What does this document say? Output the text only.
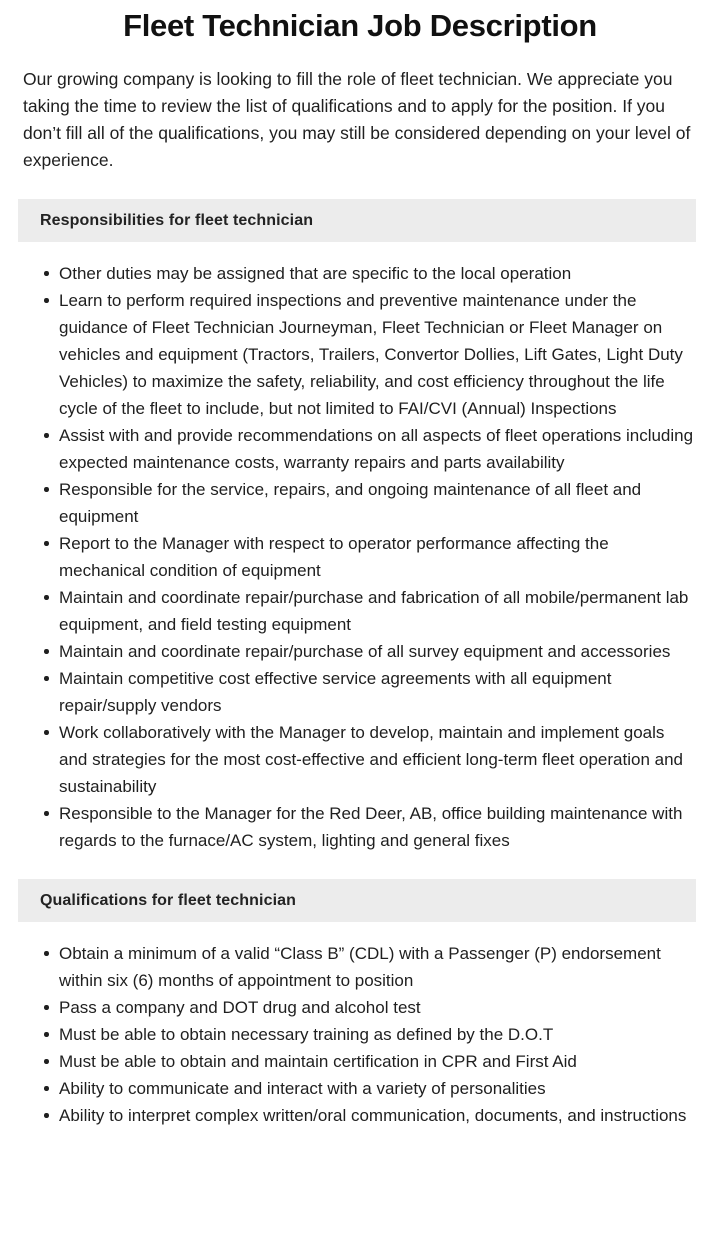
Fleet Technician Job Description

Our growing company is looking to fill the role of fleet technician. We appreciate you taking the time to review the list of qualifications and to apply for the position. If you don’t fill all of the qualifications, you may still be considered depending on your level of experience.

Responsibilities for fleet technician
Other duties may be assigned that are specific to the local operation
Learn to perform required inspections and preventive maintenance under the guidance of Fleet Technician Journeyman, Fleet Technician or Fleet Manager on vehicles and equipment (Tractors, Trailers, Convertor Dollies, Lift Gates, Light Duty Vehicles) to maximize the safety, reliability, and cost efficiency throughout the life cycle of the fleet to include, but not limited to FAI/CVI (Annual) Inspections
Assist with and provide recommendations on all aspects of fleet operations including expected maintenance costs, warranty repairs and parts availability
Responsible for the service, repairs, and ongoing maintenance of all fleet and equipment
Report to the Manager with respect to operator performance affecting the mechanical condition of equipment
Maintain and coordinate repair/purchase and fabrication of all mobile/permanent lab equipment, and field testing equipment
Maintain and coordinate repair/purchase of all survey equipment and accessories
Maintain competitive cost effective service agreements with all equipment repair/supply vendors
Work collaboratively with the Manager to develop, maintain and implement goals and strategies for the most cost-effective and efficient long-term fleet operation and sustainability
Responsible to the Manager for the Red Deer, AB, office building maintenance with regards to the furnace/AC system, lighting and general fixes
Qualifications for fleet technician
Obtain a minimum of a valid “Class B” (CDL) with a Passenger (P) endorsement within six (6) months of appointment to position
Pass a company and DOT drug and alcohol test
Must be able to obtain necessary training as defined by the D.O.T
Must be able to obtain and maintain certification in CPR and First Aid
Ability to communicate and interact with a variety of personalities
Ability to interpret complex written/oral communication, documents, and instructions
